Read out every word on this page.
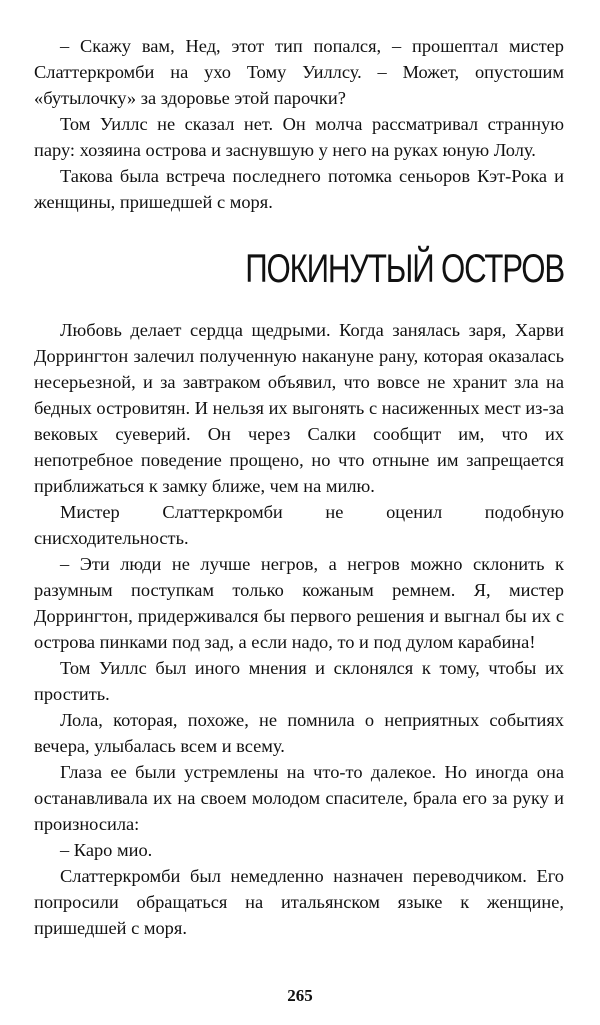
– Скажу вам, Нед, этот тип попался, – прошептал мистер Слаттеркромби на ухо Тому Уиллсу. – Может, опустошим «бутылочку» за здоровье этой парочки?

Том Уиллс не сказал нет. Он молча рассматривал странную пару: хозяина острова и заснувшую у него на руках юную Лолу.

Такова была встреча последнего потомка сеньоров Кэт-Рока и женщины, пришедшей с моря.

ПОКИНУТЫЙ ОСТРОВ

Любовь делает сердца щедрыми. Когда занялась заря, Харви Доррингтон залечил полученную накануне рану, которая оказалась несерьезной, и за завтраком объявил, что вовсе не хранит зла на бедных островитян. И нельзя их выгонять с насиженных мест из-за вековых суеверий. Он через Салки сообщит им, что их непотребное поведение прощено, но что отныне им запрещается приближаться к замку ближе, чем на милю.

Мистер Слаттеркромби не оценил подобную снисходительность.

– Эти люди не лучше негров, а негров можно склонить к разумным поступкам только кожаным ремнем. Я, мистер Доррингтон, придерживался бы первого решения и выгнал бы их с острова пинками под зад, а если надо, то и под дулом карабина!

Том Уиллс был иного мнения и склонялся к тому, чтобы их простить.

Лола, которая, похоже, не помнила о неприятных событиях вечера, улыбалась всем и всему.

Глаза ее были устремлены на что-то далекое. Но иногда она останавливала их на своем молодом спасителе, брала его за руку и произносила:

– Каро мио.

Слаттеркромби был немедленно назначен переводчиком. Его попросили обращаться на итальянском языке к женщине, пришедшей с моря.

265
